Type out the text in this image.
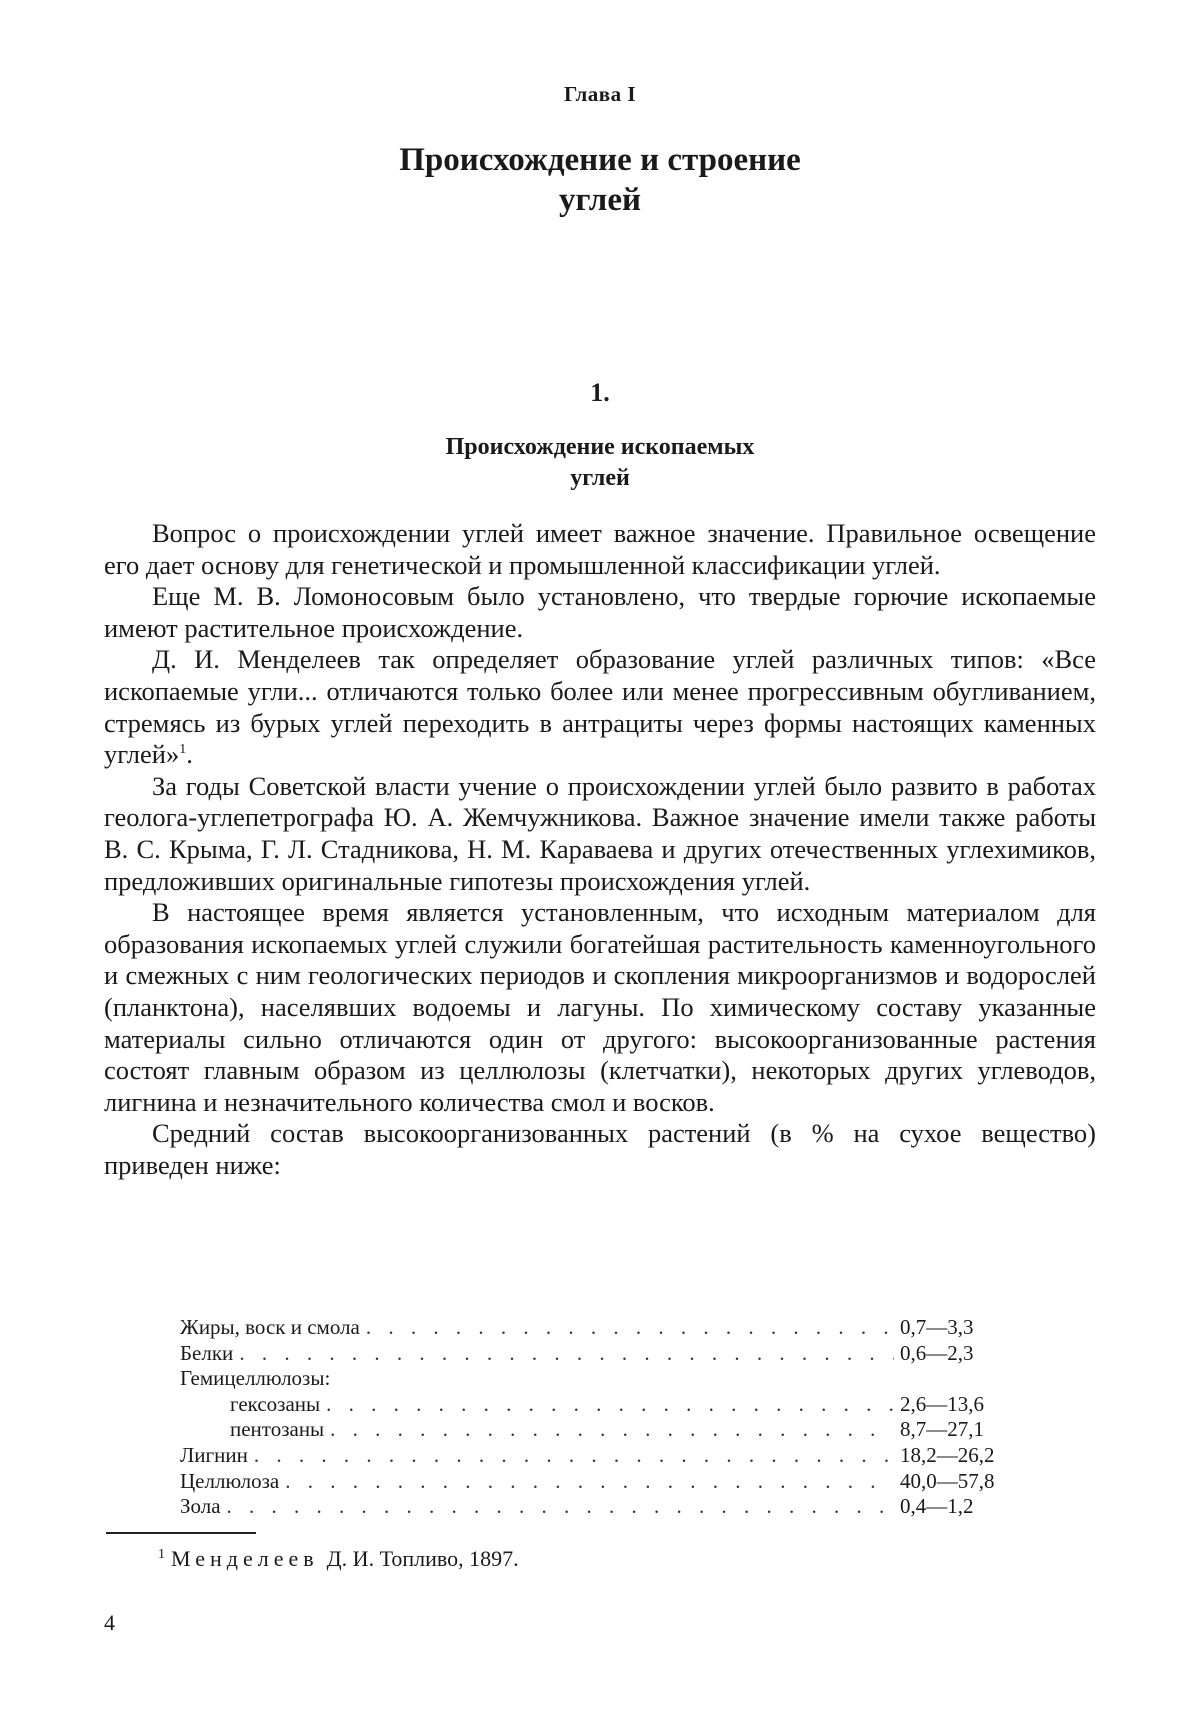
Глава I
Происхождение и строение
углей
1.
Происхождение ископаемых
углей

Вопрос о происхождении углей имеет важное значение. Правильное освещение его дает основу для генетической и промышленной классификации углей.

Еще М. В. Ломоносовым было установлено, что твердые горючие ископаемые имеют растительное происхождение.

Д. И. Менделеев так определяет образование углей различных типов: «Все ископаемые угли... отличаются только более или менее прогрессивным обугливанием, стремясь из бурых углей переходить в антрациты через формы настоящих каменных углей»$^1$.

За годы Советской власти учение о происхождении углей было развито в работах геолога-углепетрографа Ю. А. Жемчужникова. Важное значение имели также работы В. С. Крыма, Г. Л. Стадникова, Н. М. Караваева и других отечественных углехимиков, предложивших оригинальные гипотезы происхождения углей.

В настоящее время является установленным, что исходным материалом для образования ископаемых углей служили богатейшая растительность каменноугольного и смежных с ним геологических периодов и скопления микроорганизмов и водорослей (планктона), населявших водоемы и лагуны. По химическому составу указанные материалы сильно отличаются один от другого: высокоорганизованные растения состоят главным образом из целлюлозы (клетчатки), некоторых других углеводов, лигнина и незначительного количества смол и восков.

Средний состав высокоорганизованных растений (в % на сухое вещество) приведен ниже:

Жиры, воск и смола . . .	0,7—3,3
Белки . . .	0,6—2,3
Гемицеллюлозы:
гексозаны . . .	2,6—13,6
пентозаны . . .	8,7—27,1
Лигнин . . .	18,2—26,2
Целлюлоза . . .	40,0—57,8
Зола . . .	0,4—1,2
$^1$ Менделеев Д. И. Топливо, 1897.
4
